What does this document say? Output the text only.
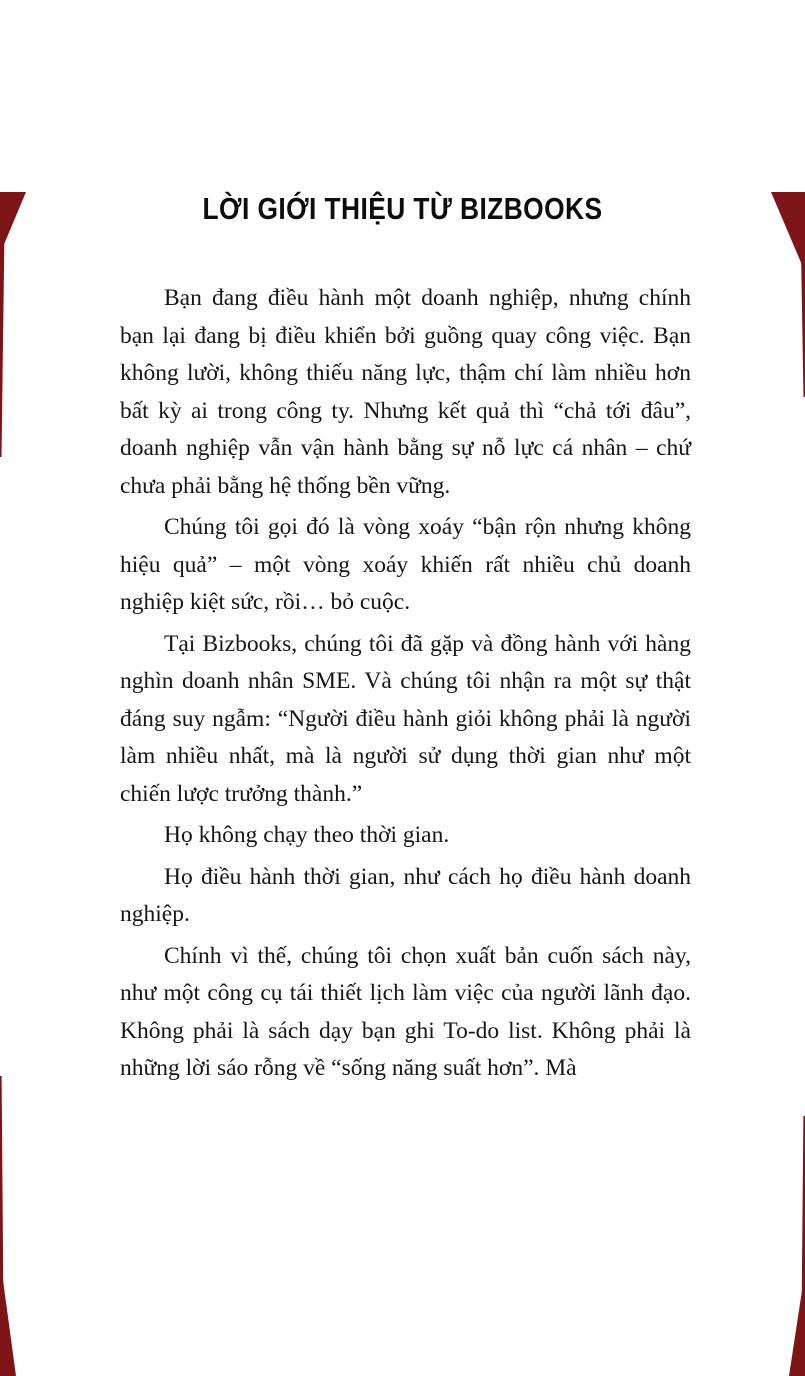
LỜI GIỚI THIỆU TỪ BIZBOOKS

Bạn đang điều hành một doanh nghiệp, nhưng chính bạn lại đang bị điều khiển bởi guồng quay công việc. Bạn không lười, không thiếu năng lực, thậm chí làm nhiều hơn bất kỳ ai trong công ty. Nhưng kết quả thì “chả tới đâu”, doanh nghiệp vẫn vận hành bằng sự nỗ lực cá nhân – chứ chưa phải bằng hệ thống bền vững.

Chúng tôi gọi đó là vòng xoáy “bận rộn nhưng không hiệu quả” – một vòng xoáy khiến rất nhiều chủ doanh nghiệp kiệt sức, rồi… bỏ cuộc.

Tại Bizbooks, chúng tôi đã gặp và đồng hành với hàng nghìn doanh nhân SME. Và chúng tôi nhận ra một sự thật đáng suy ngẫm: “Người điều hành giỏi không phải là người làm nhiều nhất, mà là người sử dụng thời gian như một chiến lược trưởng thành.”

Họ không chạy theo thời gian.

Họ điều hành thời gian, như cách họ điều hành doanh nghiệp.

Chính vì thế, chúng tôi chọn xuất bản cuốn sách này, như một công cụ tái thiết lịch làm việc của người lãnh đạo. Không phải là sách dạy bạn ghi To-do list. Không phải là những lời sáo rỗng về “sống năng suất hơn”. Mà
